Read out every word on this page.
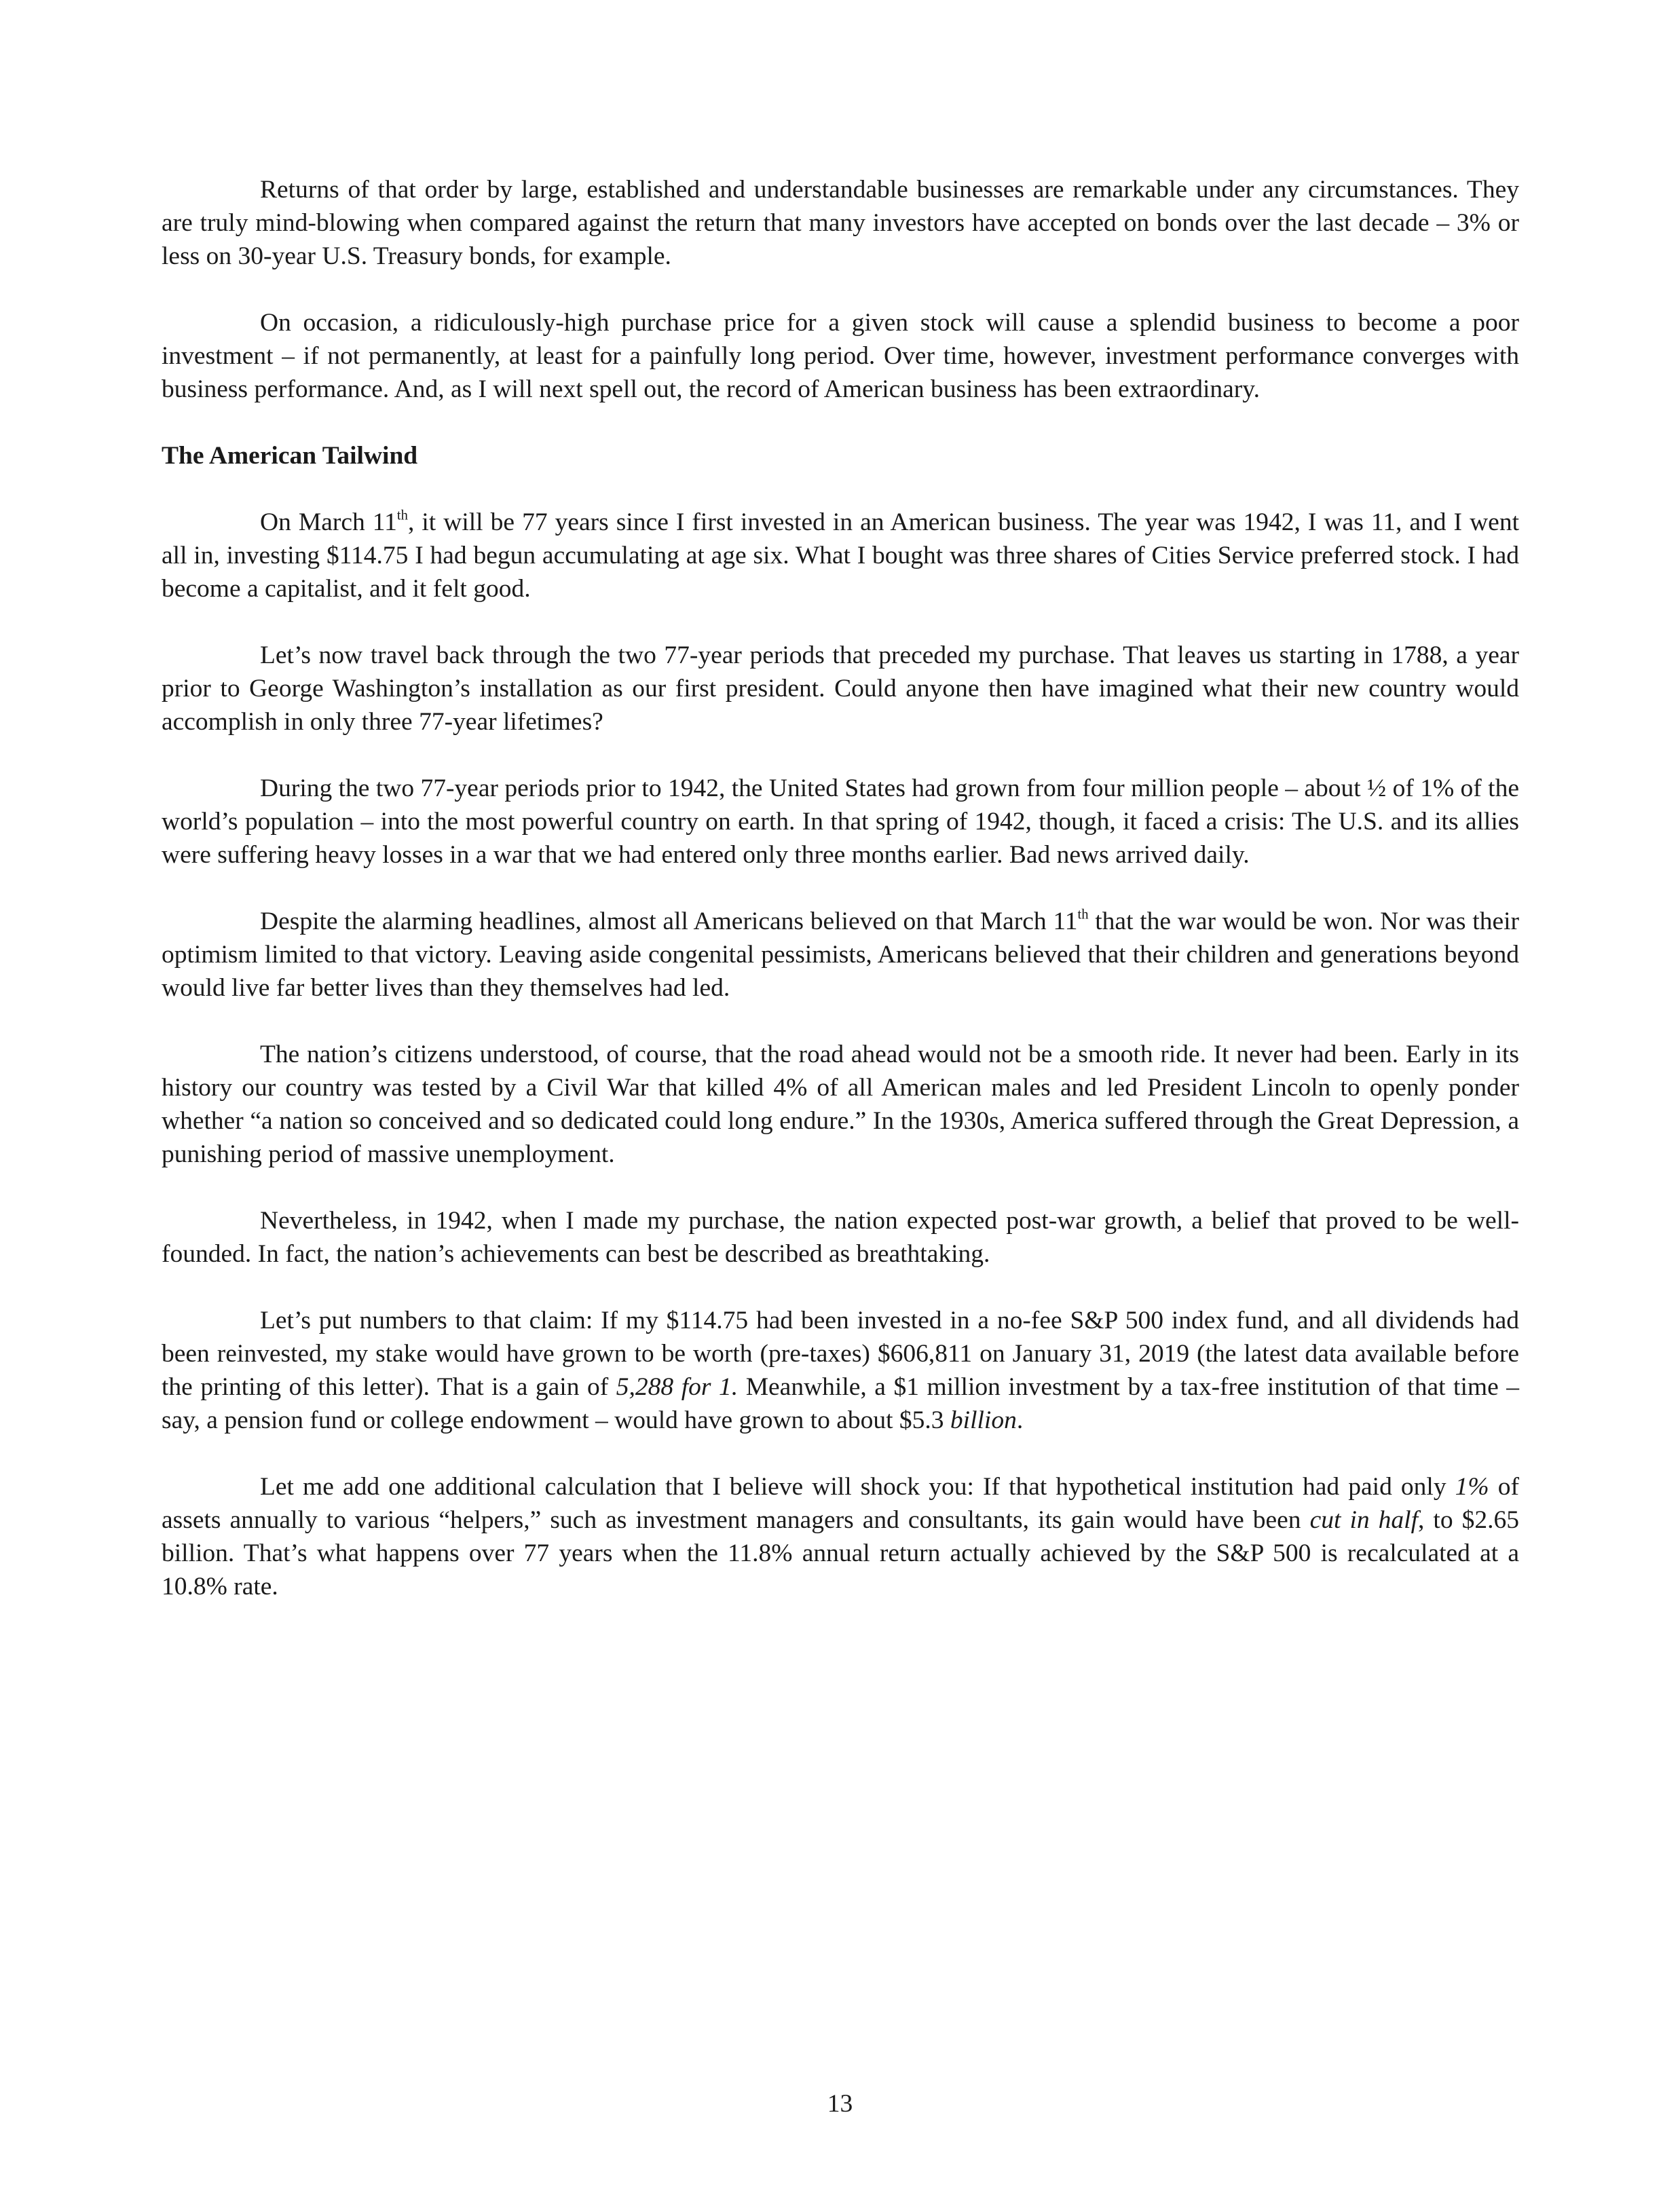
Returns of that order by large, established and understandable businesses are remarkable under any circumstances. They are truly mind-blowing when compared against the return that many investors have accepted on bonds over the last decade – 3% or less on 30-year U.S. Treasury bonds, for example.

On occasion, a ridiculously-high purchase price for a given stock will cause a splendid business to become a poor investment – if not permanently, at least for a painfully long period. Over time, however, investment performance converges with business performance. And, as I will next spell out, the record of American business has been extraordinary.

The American Tailwind

On March 11th, it will be 77 years since I first invested in an American business. The year was 1942, I was 11, and I went all in, investing $114.75 I had begun accumulating at age six. What I bought was three shares of Cities Service preferred stock. I had become a capitalist, and it felt good.

Let’s now travel back through the two 77-year periods that preceded my purchase. That leaves us starting in 1788, a year prior to George Washington’s installation as our first president. Could anyone then have imagined what their new country would accomplish in only three 77-year lifetimes?

During the two 77-year periods prior to 1942, the United States had grown from four million people – about ½ of 1% of the world’s population – into the most powerful country on earth. In that spring of 1942, though, it faced a crisis: The U.S. and its allies were suffering heavy losses in a war that we had entered only three months earlier. Bad news arrived daily.

Despite the alarming headlines, almost all Americans believed on that March 11th that the war would be won. Nor was their optimism limited to that victory. Leaving aside congenital pessimists, Americans believed that their children and generations beyond would live far better lives than they themselves had led.

The nation’s citizens understood, of course, that the road ahead would not be a smooth ride. It never had been. Early in its history our country was tested by a Civil War that killed 4% of all American males and led President Lincoln to openly ponder whether “a nation so conceived and so dedicated could long endure.” In the 1930s, America suffered through the Great Depression, a punishing period of massive unemployment.

Nevertheless, in 1942, when I made my purchase, the nation expected post-war growth, a belief that proved to be well-founded. In fact, the nation’s achievements can best be described as breathtaking.

Let’s put numbers to that claim: If my $114.75 had been invested in a no-fee S&P 500 index fund, and all dividends had been reinvested, my stake would have grown to be worth (pre-taxes) $606,811 on January 31, 2019 (the latest data available before the printing of this letter). That is a gain of 5,288 for 1. Meanwhile, a $1 million investment by a tax-free institution of that time – say, a pension fund or college endowment – would have grown to about $5.3 billion.

Let me add one additional calculation that I believe will shock you: If that hypothetical institution had paid only 1% of assets annually to various “helpers,” such as investment managers and consultants, its gain would have been cut in half, to $2.65 billion. That’s what happens over 77 years when the 11.8% annual return actually achieved by the S&P 500 is recalculated at a 10.8% rate.

13
